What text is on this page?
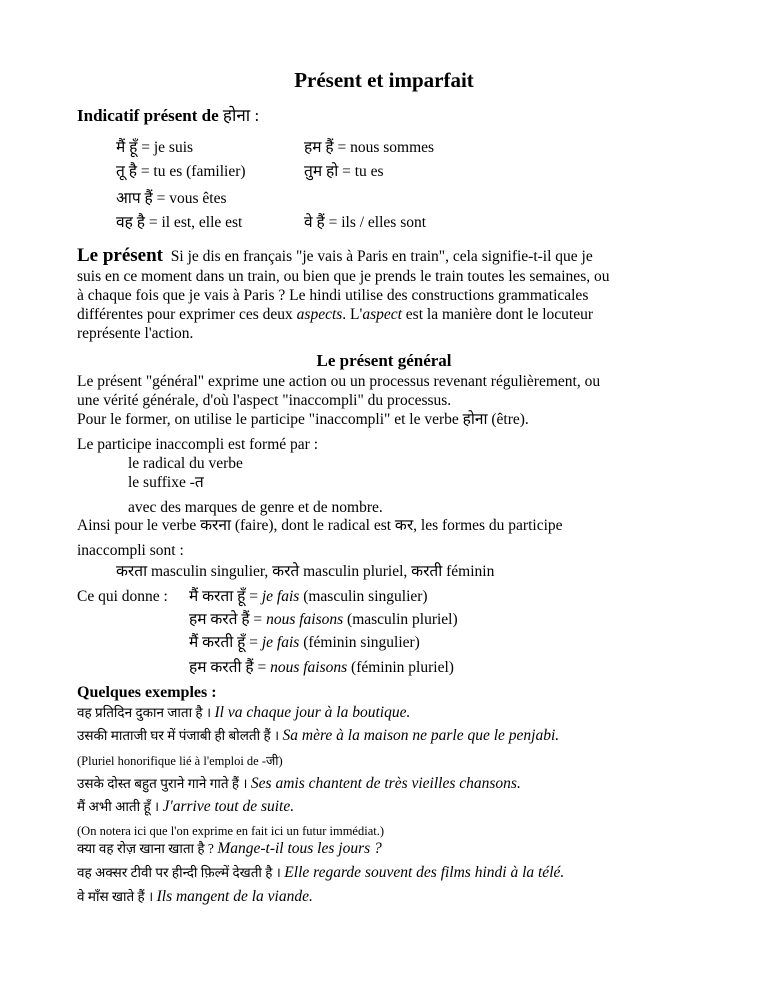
Présent et imparfait
Indicatif présent de होना :
मैं हूँ = je suis	हम हैं = nous sommes
तू है = tu es (familier)	तुम हो = tu es
आप हैं = vous êtes
वह है = il est, elle est	वे हैं = ils / elles sont
Le présent Si je dis en français "je vais à Paris en train", cela signifie-t-il que je
suis en ce moment dans un train, ou bien que je prends le train toutes les semaines, ou
à chaque fois que je vais à Paris ? Le hindi utilise des constructions grammaticales
différentes pour exprimer ces deux aspects. L'aspect est la manière dont le locuteur
représente l'action.
Le présent général
Le présent "général" exprime une action ou un processus revenant régulièrement, ou
une vérité générale, d'où l'aspect "inaccompli" du processus.
Pour le former, on utilise le participe "inaccompli" et le verbe होना (être).
Le participe inaccompli est formé par :
le radical du verbe
le suffixe -त
avec des marques de genre et de nombre.
Ainsi pour le verbe करना (faire), dont le radical est कर, les formes du participe
inaccompli sont :
करता masculin singulier, करते masculin pluriel, करती féminin
Ce qui donne : मैं करता हूँ = je fais (masculin singulier)
हम करते हैं = nous faisons (masculin pluriel)
मैं करती हूँ = je fais (féminin singulier)
हम करती हैं = nous faisons (féminin pluriel)
Quelques exemples :
वह प्रतिदिन दुकान जाता है । Il va chaque jour à la boutique.
उसकी माताजी घर में पंजाबी ही बोलती हैं । Sa mère à la maison ne parle que le penjabi.
(Pluriel honorifique lié à l'emploi de -जी)
उसके दोस्त बहुत पुराने गाने गाते हैं । Ses amis chantent de très vieilles chansons.
मैं अभी आती हूँ । J'arrive tout de suite.
(On notera ici que l'on exprime en fait ici un futur immédiat.)
क्या वह रोज़ खाना खाता है ? Mange-t-il tous les jours ?
वह अक्सर टीवी पर हीन्दी फ़िल्में देखती है । Elle regarde souvent des films hindi à la télé.
वे माँस खाते हैं । Ils mangent de la viande.
